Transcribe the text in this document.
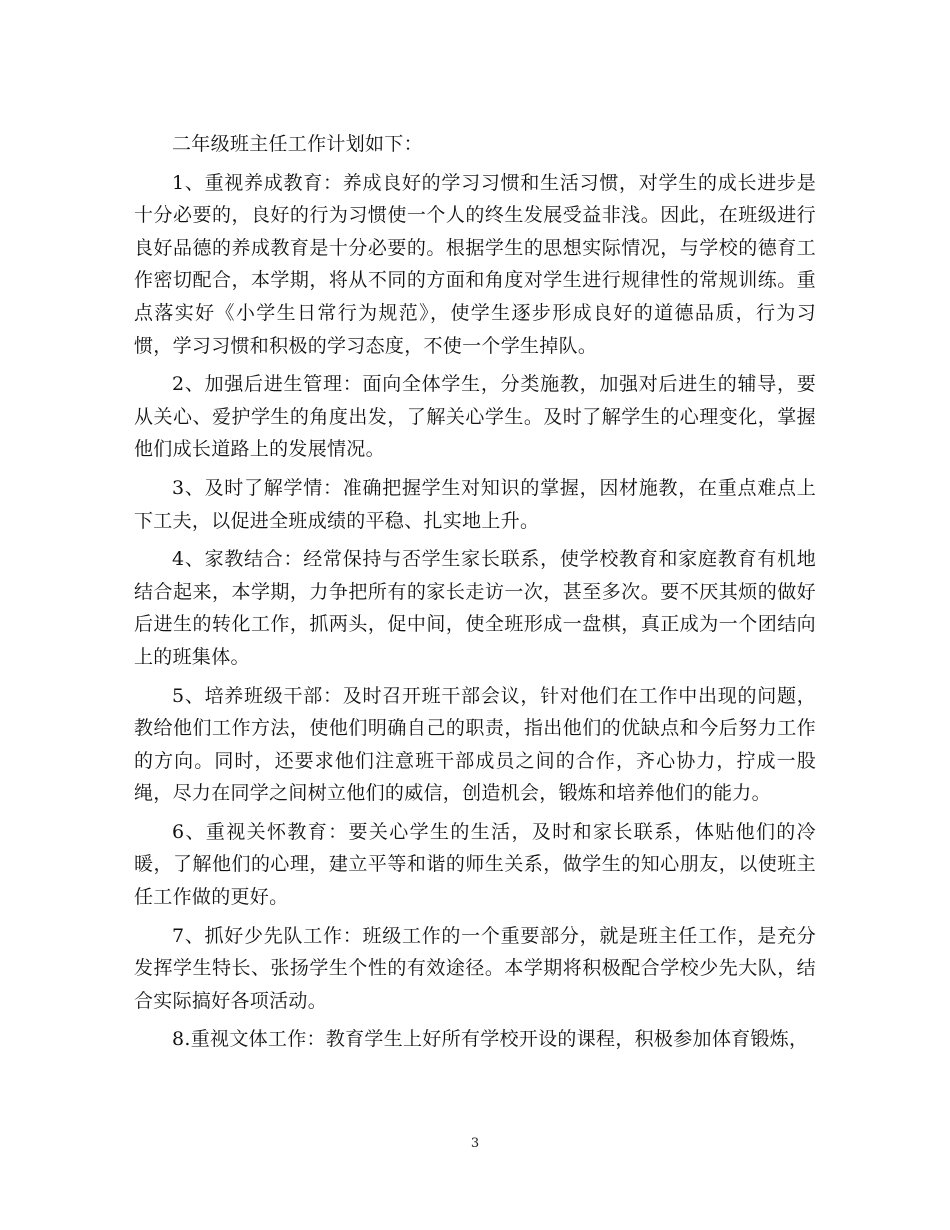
二年级班主任工作计划如下：

1、重视养成教育：养成良好的学习习惯和生活习惯，对学生的成长进步是十分必要的，良好的行为习惯使一个人的终生发展受益非浅。因此，在班级进行良好品德的养成教育是十分必要的。根据学生的思想实际情况，与学校的德育工作密切配合，本学期，将从不同的方面和角度对学生进行规律性的常规训练。重点落实好《小学生日常行为规范》，使学生逐步形成良好的道德品质，行为习惯，学习习惯和积极的学习态度，不使一个学生掉队。

2、加强后进生管理：面向全体学生，分类施教，加强对后进生的辅导，要从关心、爱护学生的角度出发，了解关心学生。及时了解学生的心理变化，掌握他们成长道路上的发展情况。

3、及时了解学情：准确把握学生对知识的掌握，因材施教，在重点难点上下工夫，以促进全班成绩的平稳、扎实地上升。

4、家教结合：经常保持与否学生家长联系，使学校教育和家庭教育有机地结合起来，本学期，力争把所有的家长走访一次，甚至多次。要不厌其烦的做好后进生的转化工作，抓两头，促中间，使全班形成一盘棋，真正成为一个团结向上的班集体。

5、培养班级干部：及时召开班干部会议，针对他们在工作中出现的问题，教给他们工作方法，使他们明确自己的职责，指出他们的优缺点和今后努力工作的方向。同时，还要求他们注意班干部成员之间的合作，齐心协力，拧成一股绳，尽力在同学之间树立他们的威信，创造机会，锻炼和培养他们的能力。

6、重视关怀教育：要关心学生的生活，及时和家长联系，体贴他们的冷暖，了解他们的心理，建立平等和谐的师生关系，做学生的知心朋友，以使班主任工作做的更好。

7、抓好少先队工作：班级工作的一个重要部分，就是班主任工作，是充分发挥学生特长、张扬学生个性的有效途径。本学期将积极配合学校少先大队，结合实际搞好各项活动。

8.重视文体工作：教育学生上好所有学校开设的课程，积极参加体育锻炼，

3
